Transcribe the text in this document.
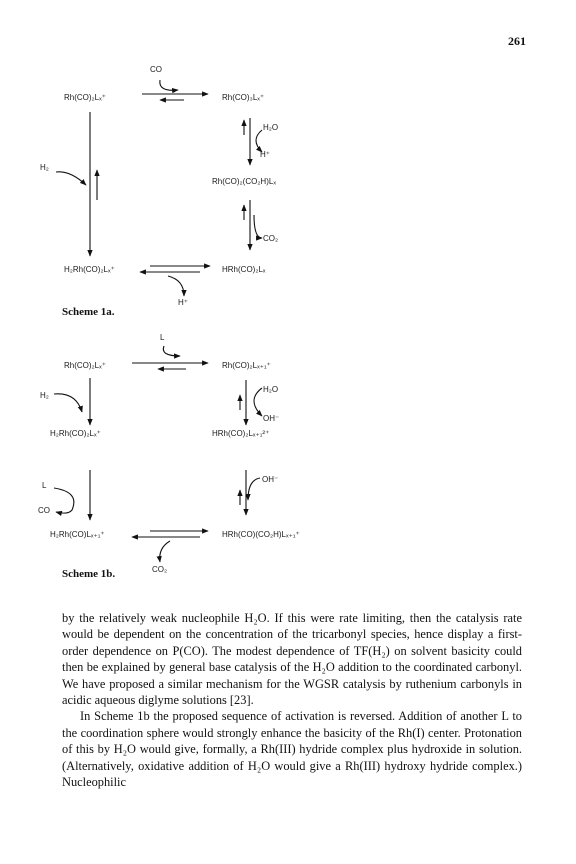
261
CO
Rh(CO)₂Lₓ⁺	Rh(CO)₃Lₓ⁺
H₂O
H⁺
H₂
Rh(CO)₂(CO₂H)Lₓ
CO₂
H₂Rh(CO)₂Lₓ⁺	HRh(CO)₂Lₓ
H⁺
Scheme 1a.
L
Rh(CO)₂Lₓ⁺	Rh(CO)₂Lₓ₊₁⁺
H₂O
H₂
OH⁻
H₂Rh(CO)₂Lₓ⁺	HRh(CO)₂Lₓ₊₁²⁺
OH⁻
L
CO
H₂Rh(CO)Lₓ₊₁⁺	HRh(CO)(CO₂H)Lₓ₊₁⁺
CO₂
Scheme 1b.

by the relatively weak nucleophile H₂O. If this were rate limiting, then the catalysis rate would be dependent on the concentration of the tricarbonyl species, hence display a first-order dependence on P(CO). The modest dependence of TF(H₂) on solvent basicity could then be explained by general base catalysis of the H₂O addition to the coordinated carbonyl. We have proposed a similar mechanism for the WGSR catalysis by ruthenium carbonyls in acidic aqueous diglyme solutions [23].

In Scheme 1b the proposed sequence of activation is reversed. Addition of another L to the coordination sphere would strongly enhance the basicity of the Rh(I) center. Protonation of this by H₂O would give, formally, a Rh(III) hydride complex plus hydroxide in solution. (Alternatively, oxidative addition of H₂O would give a Rh(III) hydroxy hydride complex.) Nucleophilic
